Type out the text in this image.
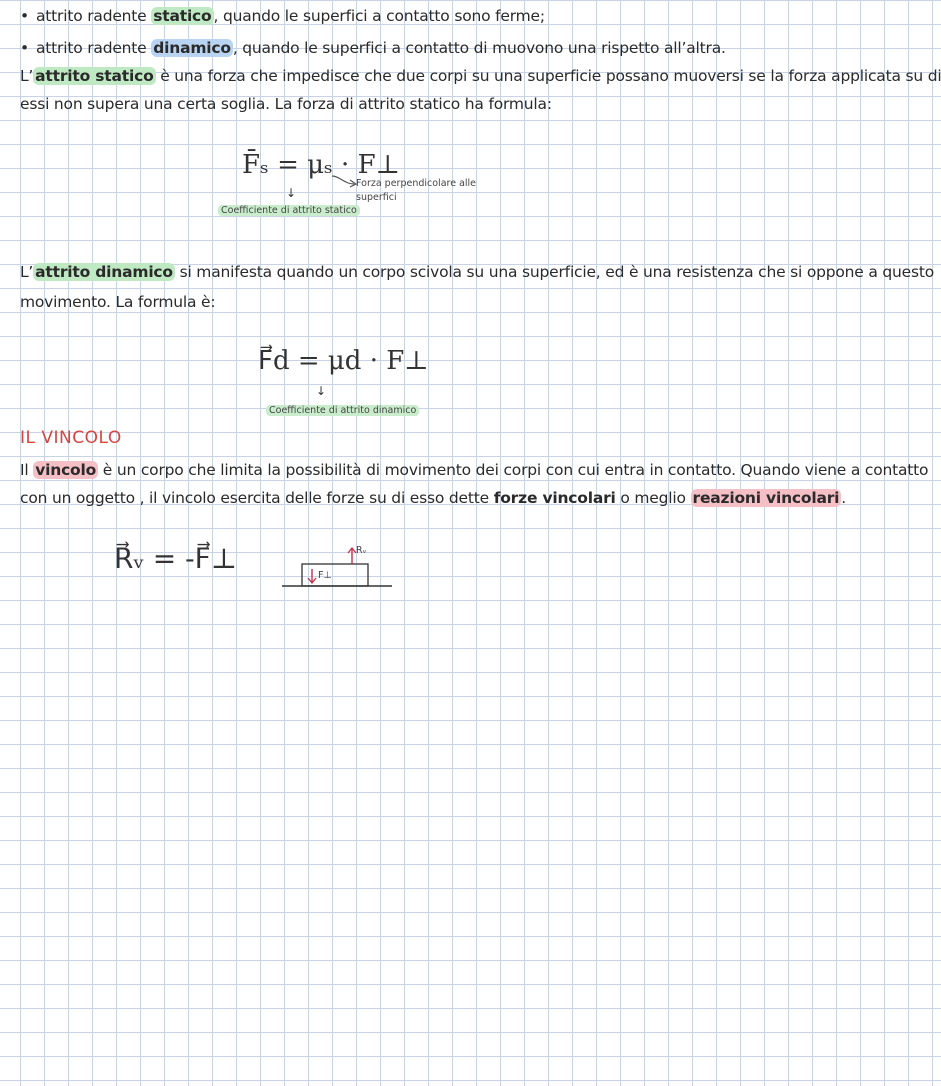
• attrito radente statico , quando le superfici a contatto sono ferme;
• attrito radente dinamico , quando le superfici a contatto di muovono una rispetto all’altra.
L’ attrito statico è una forza che impedisce che due corpi su una superficie possano muoversi se la forza applicata su di
essi non supera una certa soglia. La forza di attrito statico ha formula:
F̄ₛ = μₛ · F⊥
↓
Coefficiente di attrito statico
Forza perpendicolare alle
superfici
L’ attrito dinamico si manifesta quando un corpo scivola su una superficie, ed è una resistenza che si oppone a questo
movimento. La formula è:
F⃗d = μd · F⊥
↓
Coefficiente di attrito dinamico
IL VINCOLO
Il vincolo è un corpo che limita la possibilità di movimento dei corpi con cui entra in contatto. Quando viene a contatto
con un oggetto , il vincolo esercita delle forze su di esso dette forze vincolari o meglio reazioni vincolari .
R⃗ᵥ = -F⃗⊥	Rᵥ
F⊥
